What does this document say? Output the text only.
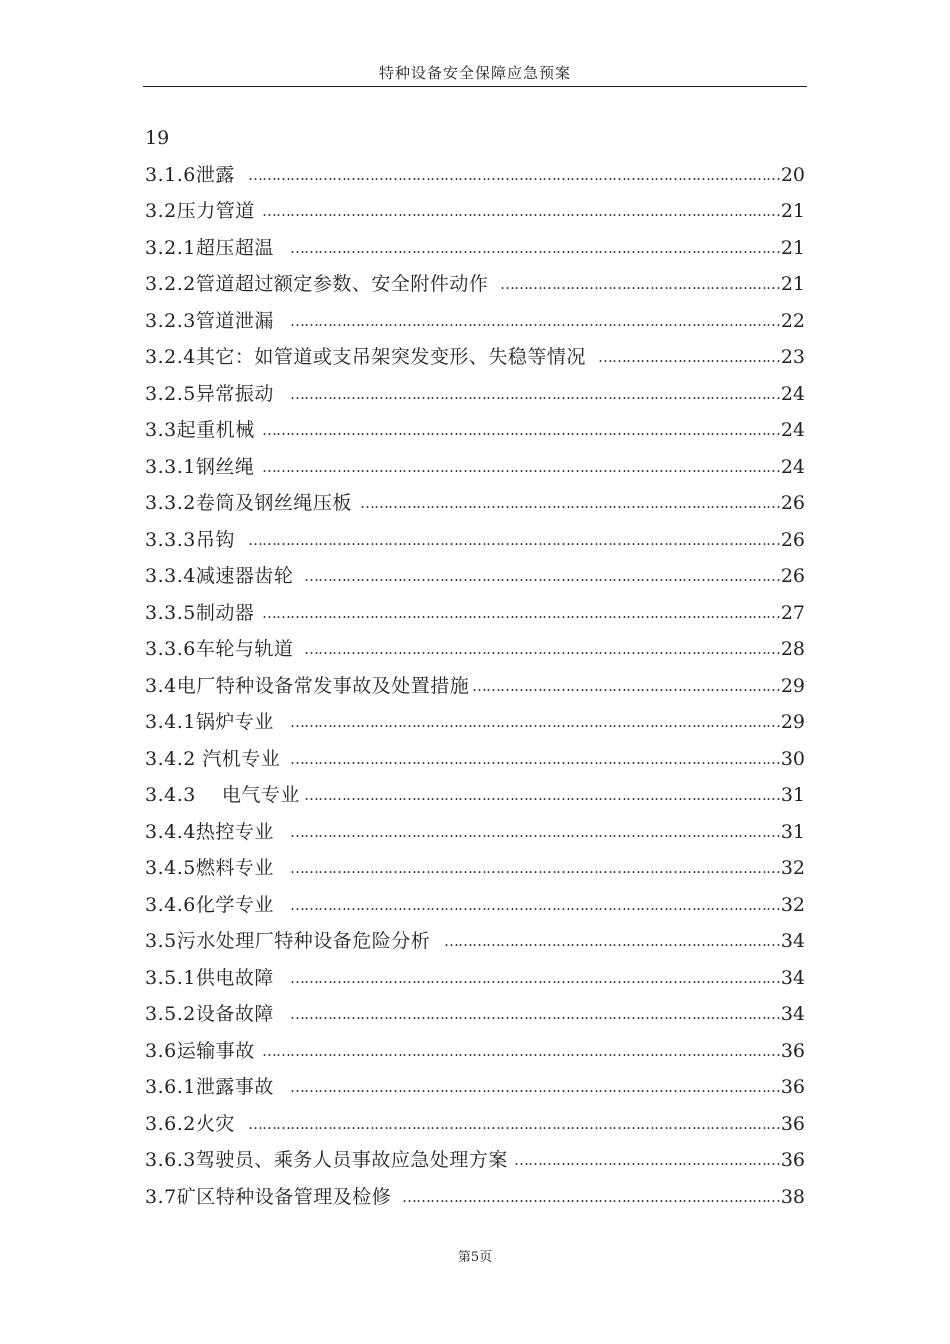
特种设备安全保障应急预案
19
3.1.6泄露 …………………………………………………………………………………………………… 20
3.2压力管道 ………………………………………………………………………………………………… 21
3.2.1超压超温	…………………………………………………………………………………………… 21
3.2.2管道超过额定参数、安全附件动作 …………………………………………………… 21
3.2.3管道泄漏	…………………………………………………………………………………………… 22
3.2.4其它：如管道或支吊架突发变形、失稳等情况 ………………………………… 23
3.2.5异常振动	…………………………………………………………………………………………… 24
3.3起重机械 ………………………………………………………………………………………………… 24
3.3.1钢丝绳 ………………………………………………………………………………………………… 24
3.3.2卷筒及钢丝绳压板 ……………………………………………………………………………… 26
3.3.3吊钩 …………………………………………………………………………………………………… 26
3.3.4减速器齿轮 ………………………………………………………………………………………… 26
3.3.5制动器 ………………………………………………………………………………………………… 27
3.3.6车轮与轨道 ………………………………………………………………………………………… 28
3.4电厂特种设备常发事故及处置措施 ………………………………………………………… 29
3.4.1锅炉专业	…………………………………………………………………………………………… 29
3.4.2 汽机专业 …………………………………………………………………………………………… 30
3.4.3　 电气专业 ………………………………………………………………………………………… 31
3.4.4热控专业	…………………………………………………………………………………………… 31
3.4.5燃料专业	…………………………………………………………………………………………… 32
3.4.6化学专业	…………………………………………………………………………………………… 32
3.5污水处理厂特种设备危险分析 ……………………………………………………………… 34
3.5.1供电故障	…………………………………………………………………………………………… 34
3.5.2设备故障	…………………………………………………………………………………………… 34
3.6运输事故 ………………………………………………………………………………………………… 36
3.6.1泄露事故	…………………………………………………………………………………………… 36
3.6.2火灾 …………………………………………………………………………………………………… 36
3.6.3驾驶员、乘务人员事故应急处理方案 ………………………………………………… 36
3.7矿区特种设备管理及检修 ……………………………………………………………………… 38
第5页
